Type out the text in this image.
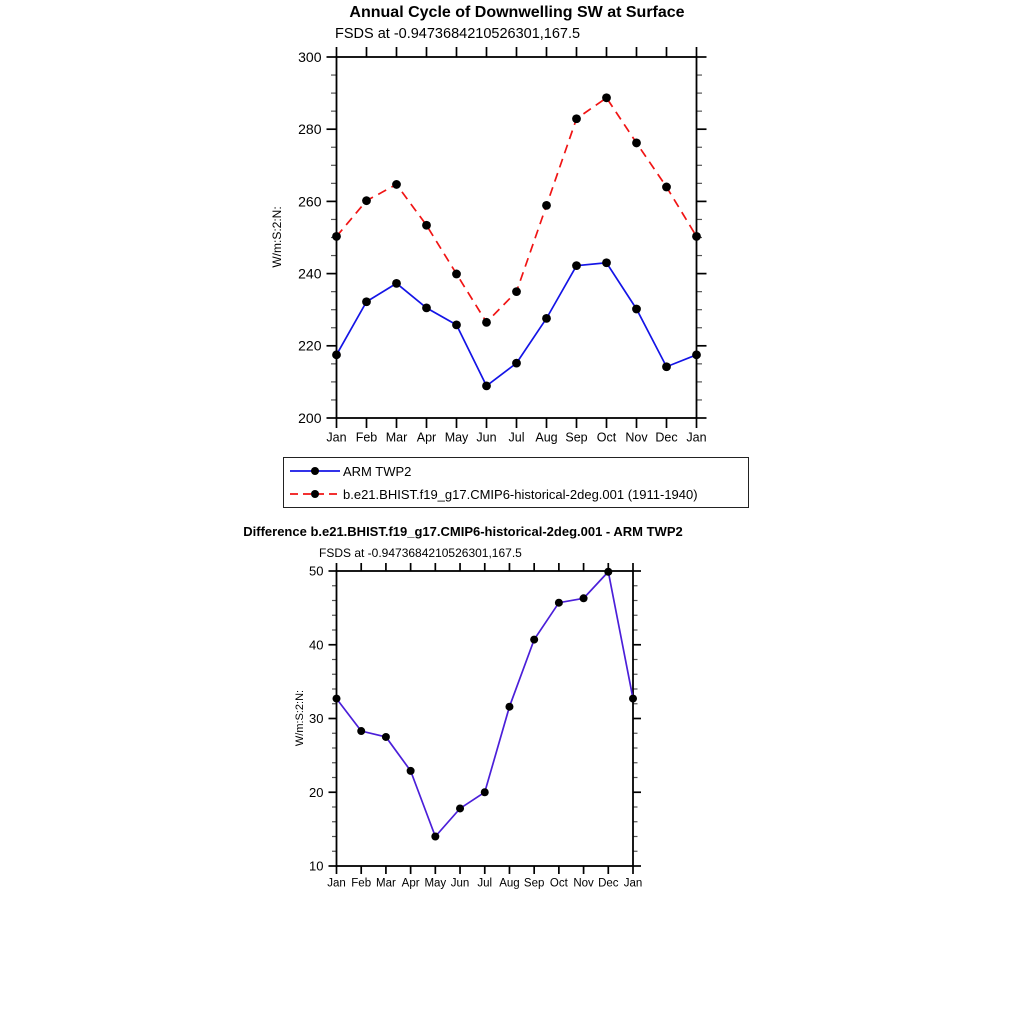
200
220
240
260
280
300
Jan Feb Mar Apr May Jun Jul Aug Sep Oct Nov Dec Jan
10
20
30
40
50
Jan Feb Mar Apr May Jun Jul Aug Sep Oct Nov Dec Jan
Annual Cycle of Downwelling SW at Surface
FSDS at -0.9473684210526301,167.5
W/m:S:2:N:
ARM TWP2
b.e21.BHIST.f19_g17.CMIP6-historical-2deg.001 (1911-1940)
Difference b.e21.BHIST.f19_g17.CMIP6-historical-2deg.001 - ARM TWP2
FSDS at -0.9473684210526301,167.5
W/m:S:2:N:
